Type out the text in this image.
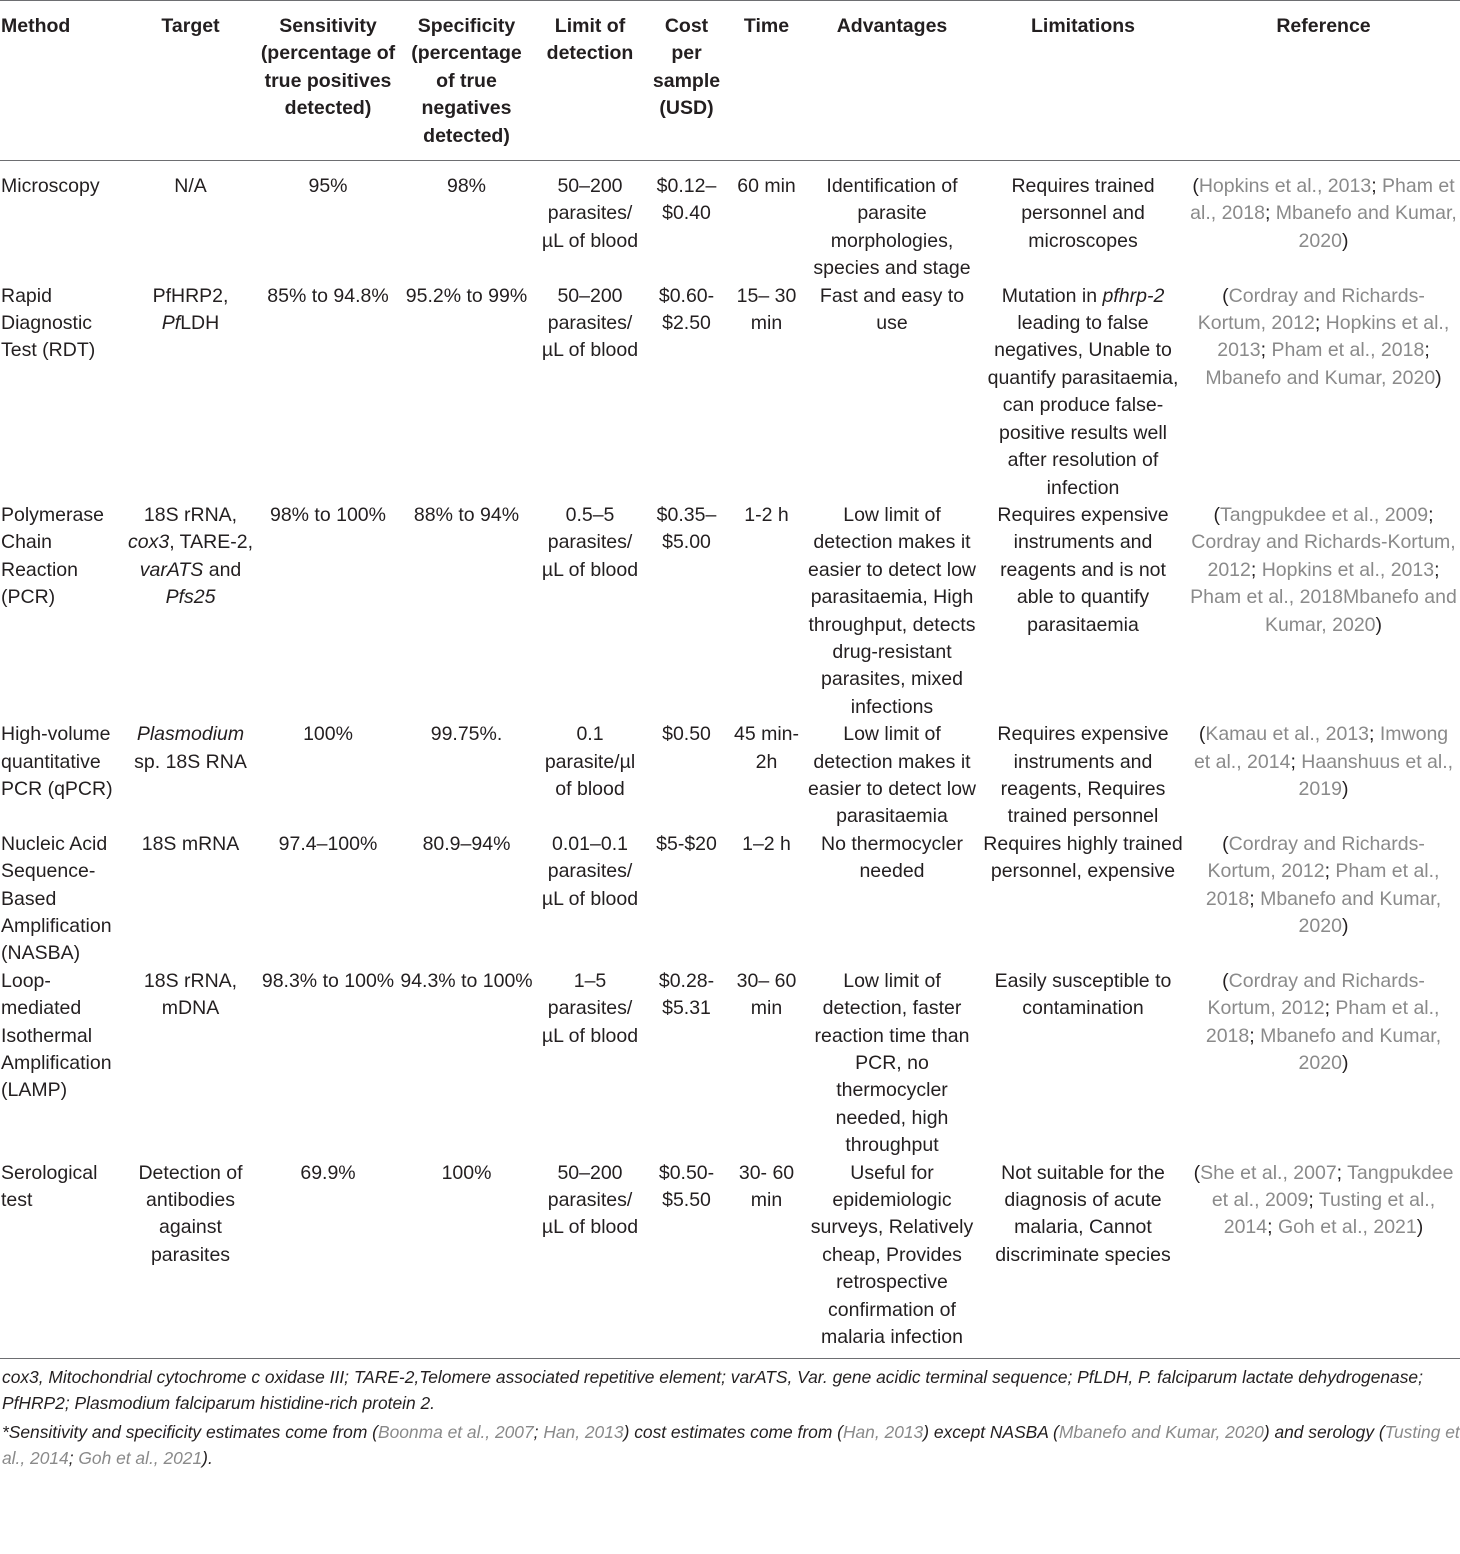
Method	Target	Sensitivity (percentage of true positives detected)	Specificity (percentage of true negatives detected)	Limit of detection	Cost per sample (USD)	Time	Advantages	Limitations	Reference
Microscopy	N/A	95%	98%	50–200 parasites/ µL of blood	$0.12– $0.40	60 min	Identification of parasite morphologies, species and stage	Requires trained personnel and microscopes	(Hopkins et al., 2013; Pham et al., 2018; Mbanefo and Kumar, 2020)
Rapid Diagnostic Test (RDT)	PfHRP2, PfLDH	85% to 94.8%	95.2% to 99%	50–200 parasites/ µL of blood	$0.60- $2.50	15– 30 min	Fast and easy to use	Mutation in pfhrp-2 leading to false negatives, Unable to quantify parasitaemia, can produce false-positive results well after resolution of infection	(Cordray and Richards-Kortum, 2012; Hopkins et al., 2013; Pham et al., 2018; Mbanefo and Kumar, 2020)
Polymerase Chain Reaction (PCR)	18S rRNA, cox3, TARE-2, varATS and Pfs25	98% to 100%	88% to 94%	0.5–5 parasites/ µL of blood	$0.35– $5.00	1-2 h	Low limit of detection makes it easier to detect low parasitaemia, High throughput, detects drug-resistant parasites, mixed infections	Requires expensive instruments and reagents and is not able to quantify parasitaemia	(Tangpukdee et al., 2009; Cordray and Richards-Kortum, 2012; Hopkins et al., 2013; Pham et al., 2018Mbanefo and Kumar, 2020)
High-volume quantitative PCR (qPCR)	Plasmodium sp. 18S RNA	100%	99.75%.	0.1 parasite/µl of blood	$0.50	45 min-2h	Low limit of detection makes it easier to detect low parasitaemia	Requires expensive instruments and reagents, Requires trained personnel	(Kamau et al., 2013; Imwong et al., 2014; Haanshuus et al., 2019)
Nucleic Acid Sequence-Based Amplification (NASBA)	18S mRNA	97.4–100%	80.9–94%	0.01–0.1 parasites/ µL of blood	$5-$20	1–2 h	No thermocycler needed	Requires highly trained personnel, expensive	(Cordray and Richards-Kortum, 2012; Pham et al., 2018; Mbanefo and Kumar, 2020)
Loop-mediated Isothermal Amplification (LAMP)	18S rRNA, mDNA	98.3% to 100%	94.3% to 100%	1–5 parasites/ µL of blood	$0.28- $5.31	30– 60 min	Low limit of detection, faster reaction time than PCR, no thermocycler needed, high throughput	Easily susceptible to contamination	(Cordray and Richards-Kortum, 2012; Pham et al., 2018; Mbanefo and Kumar, 2020)
Serological test	Detection of antibodies against parasites	69.9%	100%	50–200 parasites/ µL of blood	$0.50- $5.50	30- 60 min	Useful for epidemiologic surveys, Relatively cheap, Provides retrospective confirmation of malaria infection	Not suitable for the diagnosis of acute malaria, Cannot discriminate species	(She et al., 2007; Tangpukdee et al., 2009; Tusting et al., 2014; Goh et al., 2021)

cox3, Mitochondrial cytochrome c oxidase III; TARE-2,Telomere associated repetitive element; varATS, Var. gene acidic terminal sequence; PfLDH, P. falciparum lactate dehydrogenase; PfHRP2; Plasmodium falciparum histidine-rich protein 2.

*Sensitivity and specificity estimates come from (Boonma et al., 2007; Han, 2013) cost estimates come from (Han, 2013) except NASBA (Mbanefo and Kumar, 2020) and serology (Tusting et al., 2014; Goh et al., 2021).
